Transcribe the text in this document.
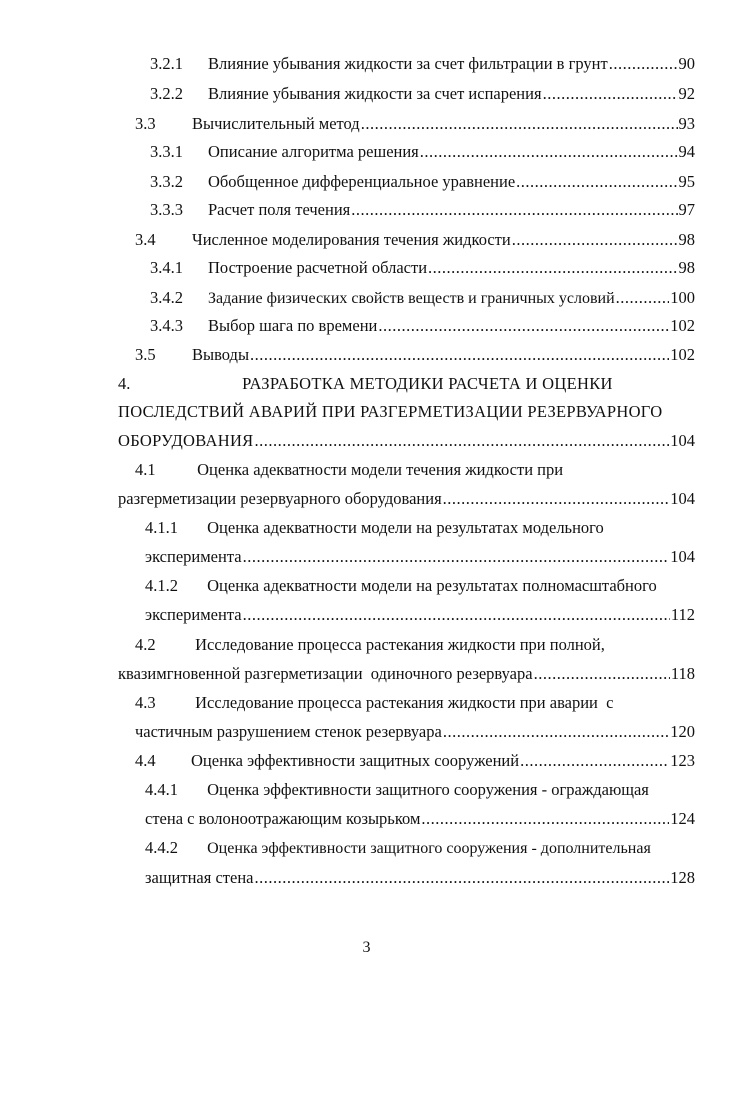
3.2.1	Влияние убывания жидкости за счет фильтрации в грунт .....	90
3.2.2	Влияние убывания жидкости за счет испарения .....	92
3.3	Вычислительный метод .....	93
3.3.1	Описание алгоритма решения .....	94
3.3.2	Обобщенное дифференциальное уравнение .....	95
3.3.3	Расчет поля течения .....	97
3.4	Численное моделирования течения жидкости .....	98
3.4.1	Построение расчетной области .....	98
3.4.2	Задание физических свойств веществ и граничных условий .....	100
3.4.3	Выбор шага по времени .....	102
3.5	Выводы .....	102
4.	РАЗРАБОТКА МЕТОДИКИ РАСЧЕТА И ОЦЕНКИ
ПОСЛЕДСТВИЙ АВАРИЙ ПРИ РАЗГЕРМЕТИЗАЦИИ РЕЗЕРВУАРНОГО
ОБОРУДОВАНИЯ .....	104
4.1	Оценка адекватности модели течения жидкости при
разгерметизации резервуарного оборудования .....	104
4.1.1 Оценка адекватности модели на результатах модельного
эксперимента .....	104
4.1.2 Оценка адекватности модели на результатах полномасштабного
эксперимента .....	112
4.2 Исследование процесса растекания жидкости при полной,
квазимгновенной разгерметизации  одиночного резервуара .....	118
4.3 Исследование процесса растекания жидкости при аварии  с
частичным разрушением стенок резервуара .....	120
4.4	Оценка эффективности защитных сооружений .....	123
4.4.1 Оценка эффективности защитного сооружения - ограждающая
стена с волоноотражающим козырьком .....	124
4.4.2 Оценка эффективности защитного сооружения - дополнительная
защитная стена .....	128
3
